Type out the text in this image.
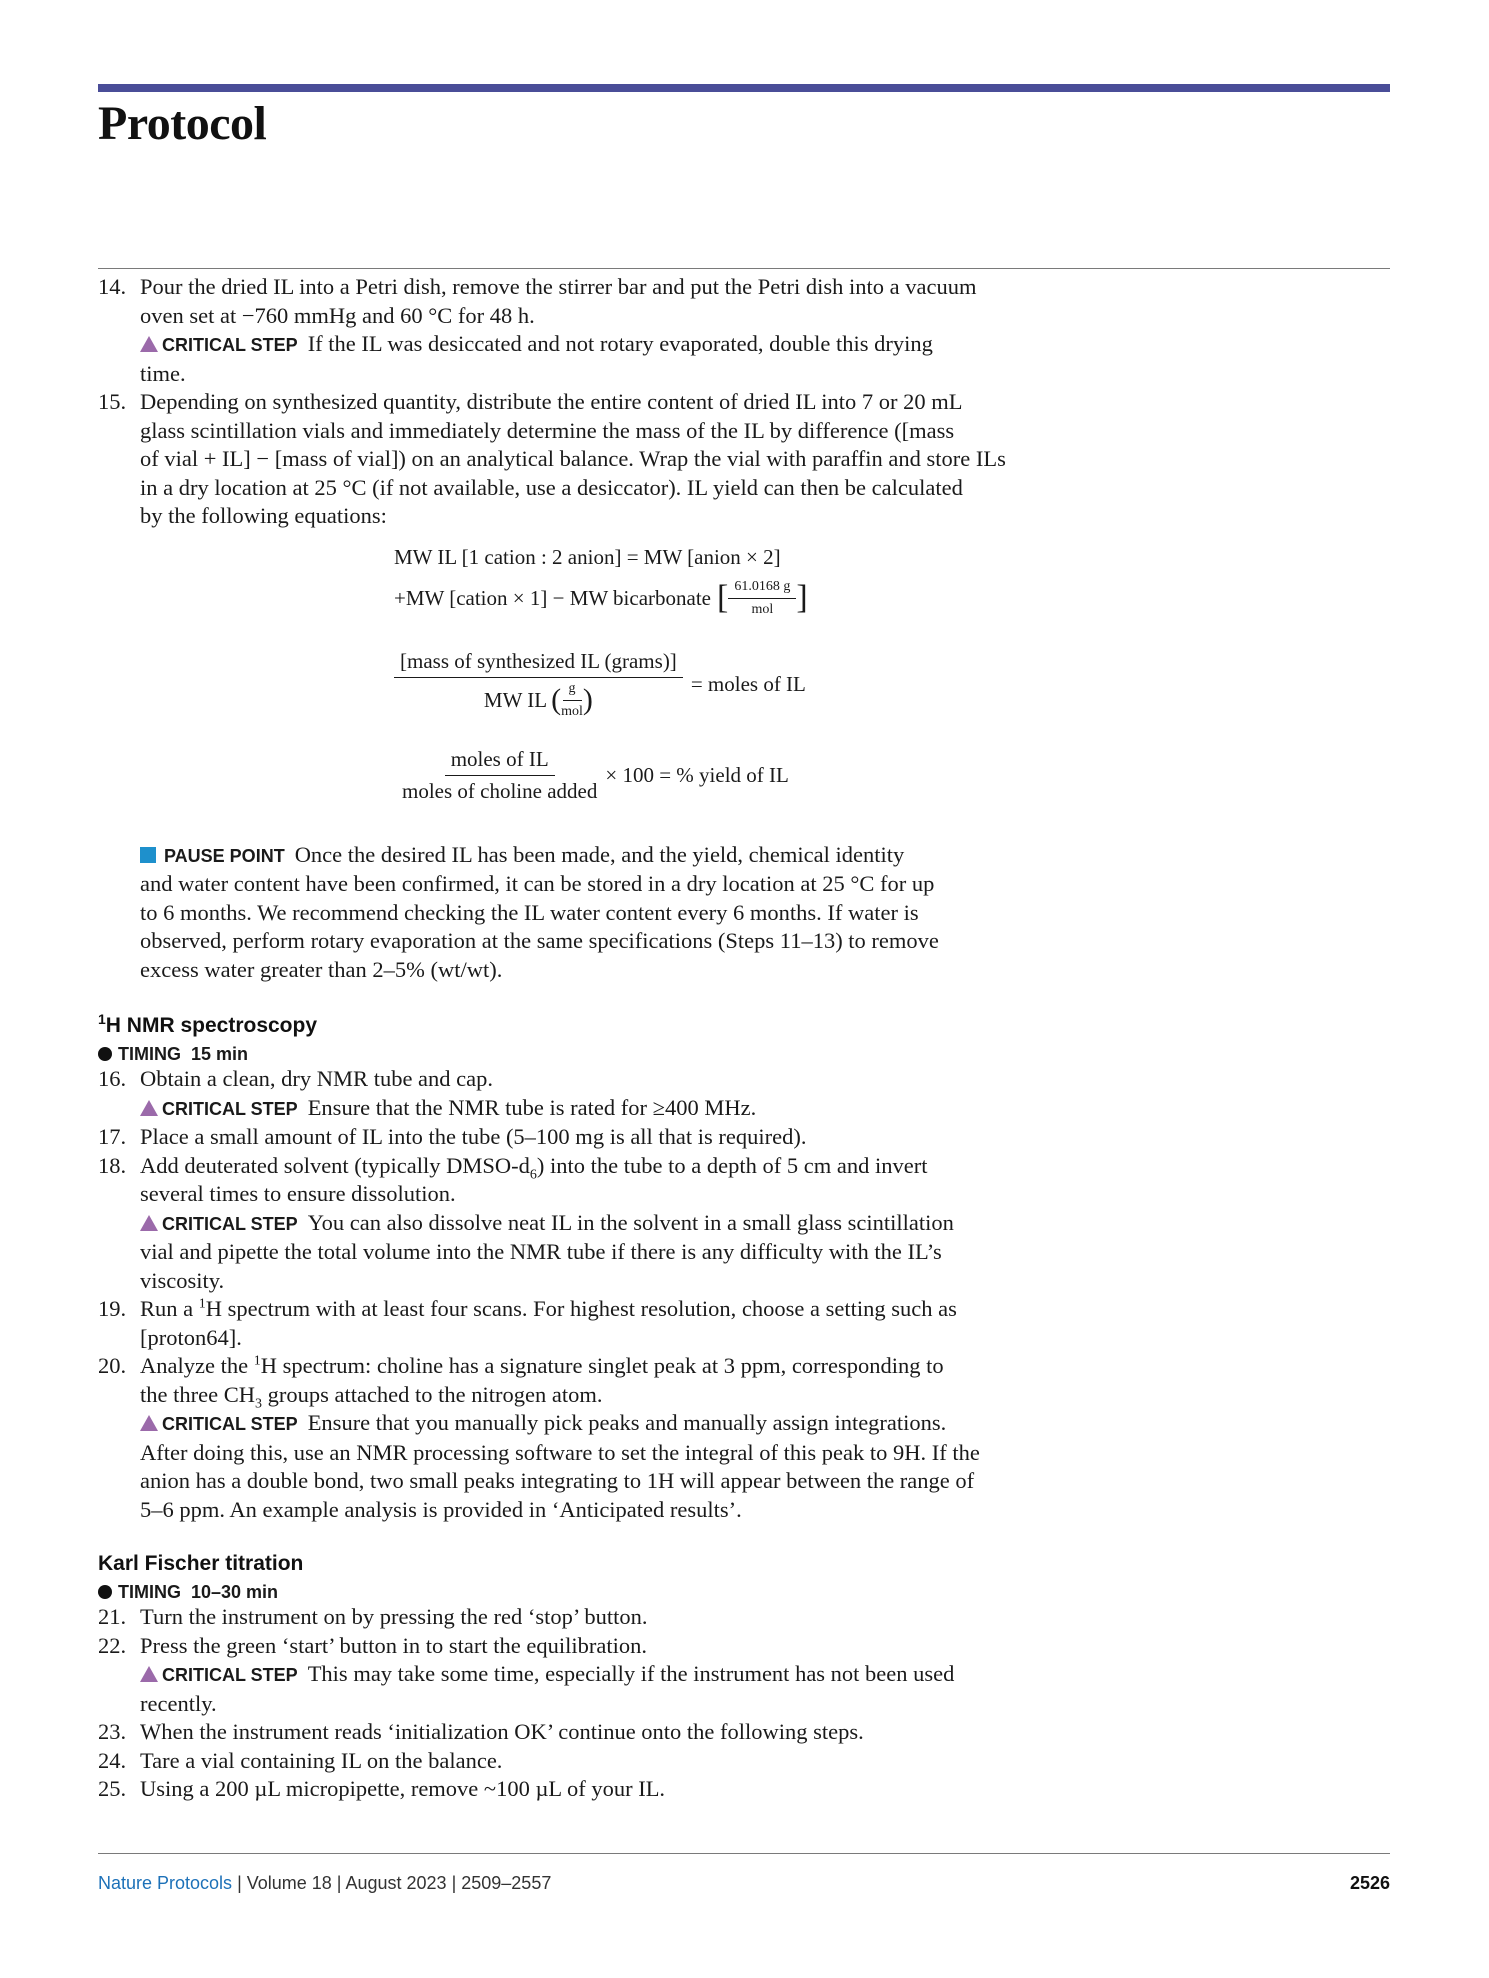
Protocol
14. Pour the dried IL into a Petri dish, remove the stirrer bar and put the Petri dish into a vacuum
oven set at −760 mmHg and 60 °C for 48 h.
CRITICAL STEP If the IL was desiccated and not rotary evaporated, double this drying
time.
15. Depending on synthesized quantity, distribute the entire content of dried IL into 7 or 20 mL
glass scintillation vials and immediately determine the mass of the IL by difference ([mass
of vial + IL] − [mass of vial]) on an analytical balance. Wrap the vial with paraffin and store ILs
in a dry location at 25 °C (if not available, use a desiccator). IL yield can then be calculated
by the following equations:
MW IL [1 cation : 2 anion] = MW [anion × 2]
+MW [cation × 1] − MW bicarbonate [ $\frac{61.0168 g}{\text{mol}}$ ]
[mass of synthesized IL (grams)]
MW IL ( $\frac{g}{\text{mol}}$ )	= moles of IL
$\frac{\text{moles of IL}}{\text{moles of choline added}} \times 100$ = % yield of IL
PAUSE POINT Once the desired IL has been made, and the yield, chemical identity
and water content have been confirmed, it can be stored in a dry location at 25 °C for up
to 6 months. We recommend checking the IL water content every 6 months. If water is
observed, perform rotary evaporation at the same specifications (Steps 11–13) to remove
excess water greater than 2–5% (wt/wt).
$^1$H NMR spectroscopy
TIMING 15 min
16. Obtain a clean, dry NMR tube and cap.
CRITICAL STEP Ensure that the NMR tube is rated for ≥400 MHz.
17. Place a small amount of IL into the tube (5–100 mg is all that is required).
18. Add deuterated solvent (typically DMSO-$d_6$) into the tube to a depth of 5 cm and invert
several times to ensure dissolution.
CRITICAL STEP You can also dissolve neat IL in the solvent in a small glass scintillation
vial and pipette the total volume into the NMR tube if there is any difficulty with the IL’s
viscosity.
19. Run a $^1$H spectrum with at least four scans. For highest resolution, choose a setting such as
[proton64].
20. Analyze the $^1$H spectrum: choline has a signature singlet peak at 3 ppm, corresponding to
the three $CH_3$ groups attached to the nitrogen atom.
CRITICAL STEP Ensure that you manually pick peaks and manually assign integrations.
After doing this, use an NMR processing software to set the integral of this peak to 9H. If the
anion has a double bond, two small peaks integrating to 1H will appear between the range of
5–6 ppm. An example analysis is provided in ‘Anticipated results’.
Karl Fischer titration
TIMING 10–30 min
21. Turn the instrument on by pressing the red ‘stop’ button.
22. Press the green ‘start’ button in to start the equilibration.
CRITICAL STEP This may take some time, especially if the instrument has not been used
recently.
23. When the instrument reads ‘initialization OK’ continue onto the following steps.
24. Tare a vial containing IL on the balance.
25. Using a 200 µL micropipette, remove ~100 µL of your IL.
Nature Protocols | Volume 18 | August 2023 | 2509–2557	2526
